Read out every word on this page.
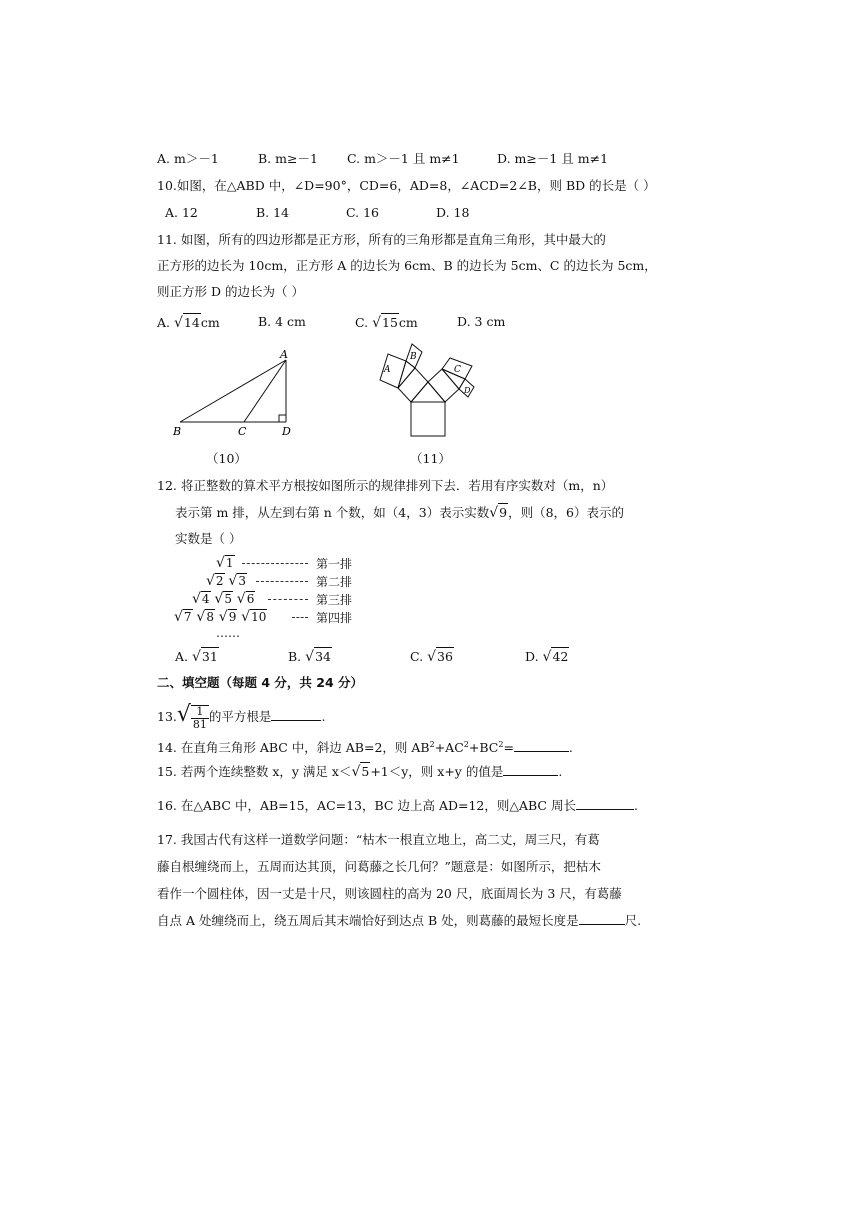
A. m＞－1	B. m≥－1 C. m＞－1 且 m≠1	D. m≥－1 且 m≠1
10.如图，在△ABD 中，∠D=90°，CD=6，AD=8，∠ACD=2∠B，则 BD 的长是（ ）
A. 12	B. 14	C. 16	D. 18
11. 如图，所有的四边形都是正方形，所有的三角形都是直角三角形，其中最大的
正方形的边长为 10cm，正方形 A 的边长为 6cm、B 的边长为 5cm、C 的边长为 5cm，
则正方形 D 的边长为（ ）
A. √14cm	B. 4 cm	C. √15cm	D. 3 cm
A
B	C	D
（10）
A
B
C
D
（11）
12. 将正整数的算术平方根按如图所示的规律排列下去．若用有序实数对（m，n）
表示第 m 排，从左到右第 n 个数，如（4，3）表示实数√9，则（8，6）表示的
实数是（ ）
√1	第一排
√2 √3	第二排
√4 √5 √6	第三排
√7 √8 √9 √10	第四排
……
A. √31	B. √34	C. √36	D. √42
二、填空题（每题 4 分，共 24 分）
$13.√ \frac{1}{81}$ 的平方根是	.
14. 在直角三角形 ABC 中，斜边 AB=2，则 $AB^2+AC^2+BC^2=$	.
15. 若两个连续整数 x，y 满足 x＜√5+1＜y，则 x+y 的值是	.
16. 在△ABC 中，AB=15，AC=13，BC 边上高 AD=12，则△ABC 周长	.
17. 我国古代有这样一道数学问题：“枯木一根直立地上，高二丈，周三尺，有葛
藤自根缠绕而上，五周而达其顶，问葛藤之长几何？”题意是：如图所示，把枯木
看作一个圆柱体，因一丈是十尺，则该圆柱的高为 20 尺，底面周长为 3 尺，有葛藤
自点 A 处缠绕而上，绕五周后其末端恰好到达点 B 处，则葛藤的最短长度是	尺.
